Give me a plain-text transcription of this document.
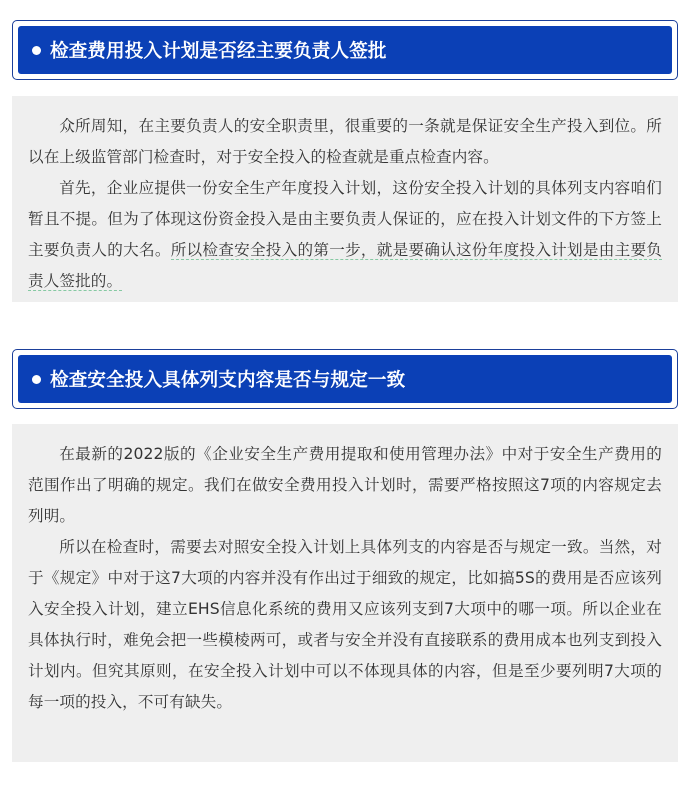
检查费用投入计划是否经主要负责人签批

众所周知，在主要负责人的安全职责里，很重要的一条就是保证安全生产投入到位。所以在上级监管部门检查时，对于安全投入的检查就是重点检查内容。

首先，企业应提供一份安全生产年度投入计划，这份安全投入计划的具体列支内容咱们暂且不提。但为了体现这份资金投入是由主要负责人保证的，应在投入计划文件的下方签上主要负责人的大名。所以检查安全投入的第一步，就是要确认这份年度投入计划是由主要负责人签批的。

检查安全投入具体列支内容是否与规定一致

在最新的2022版的《企业安全生产费用提取和使用管理办法》中对于安全生产费用的范围作出了明确的规定。我们在做安全费用投入计划时，需要严格按照这7项的内容规定去列明。

所以在检查时，需要去对照安全投入计划上具体列支的内容是否与规定一致。当然，对于《规定》中对于这7大项的内容并没有作出过于细致的规定，比如搞5S的费用是否应该列入安全投入计划，建立EHS信息化系统的费用又应该列支到7大项中的哪一项。所以企业在具体执行时，难免会把一些模棱两可，或者与安全并没有直接联系的费用成本也列支到投入计划内。但究其原则，在安全投入计划中可以不体现具体的内容，但是至少要列明7大项的每一项的投入，不可有缺失。
